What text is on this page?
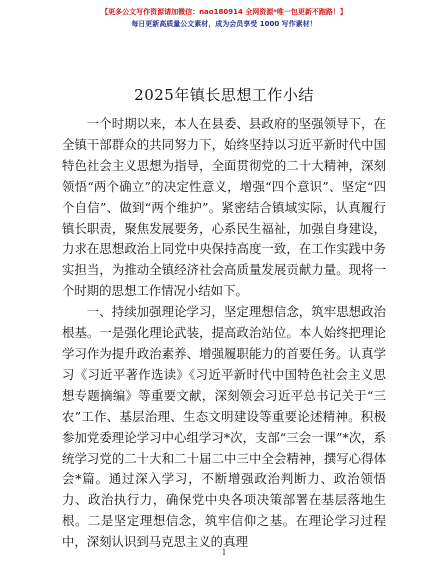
【更多公文写作资源请加微信：nao180914 全网资源*唯一包更新不跑路！】
每日更新高质量公文素材，成为会员享受 1000 写作素材！
2025年镇长思想工作小结

一个时期以来，本人在县委、县政府的坚强领导下，在全镇干部群众的共同努力下，始终坚持以习近平新时代中国特色社会主义思想为指导，全面贯彻党的二十大精神，深刻领悟“两个确立”的决定性意义，增强“四个意识”、坚定“四个自信”、做到“两个维护”。紧密结合镇域实际，认真履行镇长职责，聚焦发展要务，心系民生福祉，加强自身建设，力求在思想政治上同党中央保持高度一致，在工作实践中务实担当，为推动全镇经济社会高质量发展贡献力量。现将一个时期的思想工作情况小结如下。

一、持续加强理论学习，坚定理想信念，筑牢思想政治根基。一是强化理论武装，提高政治站位。本人始终把理论学习作为提升政治素养、增强履职能力的首要任务。认真学习《习近平著作选读》《习近平新时代中国特色社会主义思想专题摘编》等重要文献，深刻领会习近平总书记关于“三农”工作、基层治理、生态文明建设等重要论述精神。积极参加党委理论学习中心组学习*次，支部“三会一课”*次，系统学习党的二十大和二十届二中三中全会精神，撰写心得体会*篇。通过深入学习，不断增强政治判断力、政治领悟力、政治执行力，确保党中央各项决策部署在基层落地生根。二是坚定理想信念，筑牢信仰之基。在理论学习过程中，深刻认识到马克思主义的真理

1
